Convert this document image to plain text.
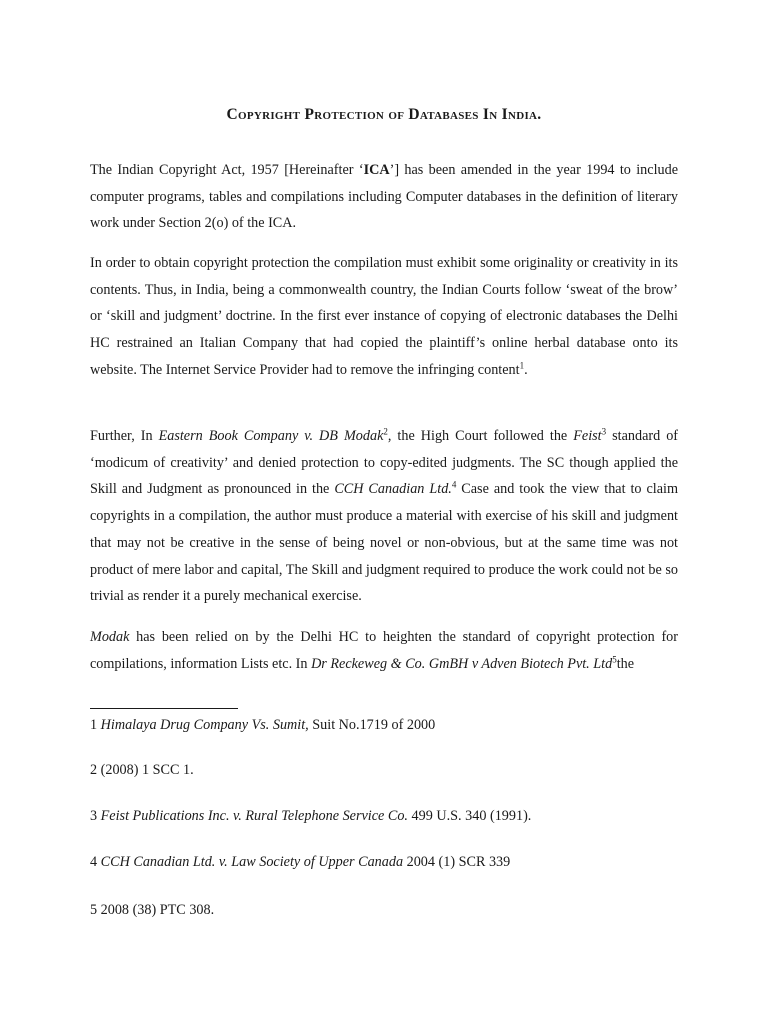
Copyright Protection of Databases In India.

The Indian Copyright Act, 1957 [Hereinafter ‘ICA’] has been amended in the year 1994 to include computer programs, tables and compilations including Computer databases in the definition of literary work under Section 2(o) of the ICA.

In order to obtain copyright protection the compilation must exhibit some originality or creativity in its contents. Thus, in India, being a commonwealth country, the Indian Courts follow ‘sweat of the brow’ or ‘skill and judgment’ doctrine. In the first ever instance of copying of electronic databases the Delhi HC restrained an Italian Company that had copied the plaintiff’s online herbal database onto its website. The Internet Service Provider had to remove the infringing content$^1$.

Further, In Eastern Book Company v. DB Modak$^2$, the High Court followed the Feist$^3$ standard of ‘modicum of creativity’ and denied protection to copy-edited judgments. The SC though applied the Skill and Judgment as pronounced in the CCH Canadian Ltd.$^4$ Case and took the view that to claim copyrights in a compilation, the author must produce a material with exercise of his skill and judgment that may not be creative in the sense of being novel or non-obvious, but at the same time was not product of mere labor and capital, The Skill and judgment required to produce the work could not be so trivial as render it a purely mechanical exercise.

Modak has been relied on by the Delhi HC to heighten the standard of copyright protection for compilations, information Lists etc. In Dr Reckeweg & Co. GmBH v Adven Biotech Pvt. Ltd$^5$the

1 Himalaya Drug Company Vs. Sumit, Suit No.1719 of 2000

2 (2008) 1 SCC 1.

3 Feist Publications Inc. v. Rural Telephone Service Co. 499 U.S. 340 (1991).

4 CCH Canadian Ltd. v. Law Society of Upper Canada 2004 (1) SCR 339

5 2008 (38) PTC 308.
